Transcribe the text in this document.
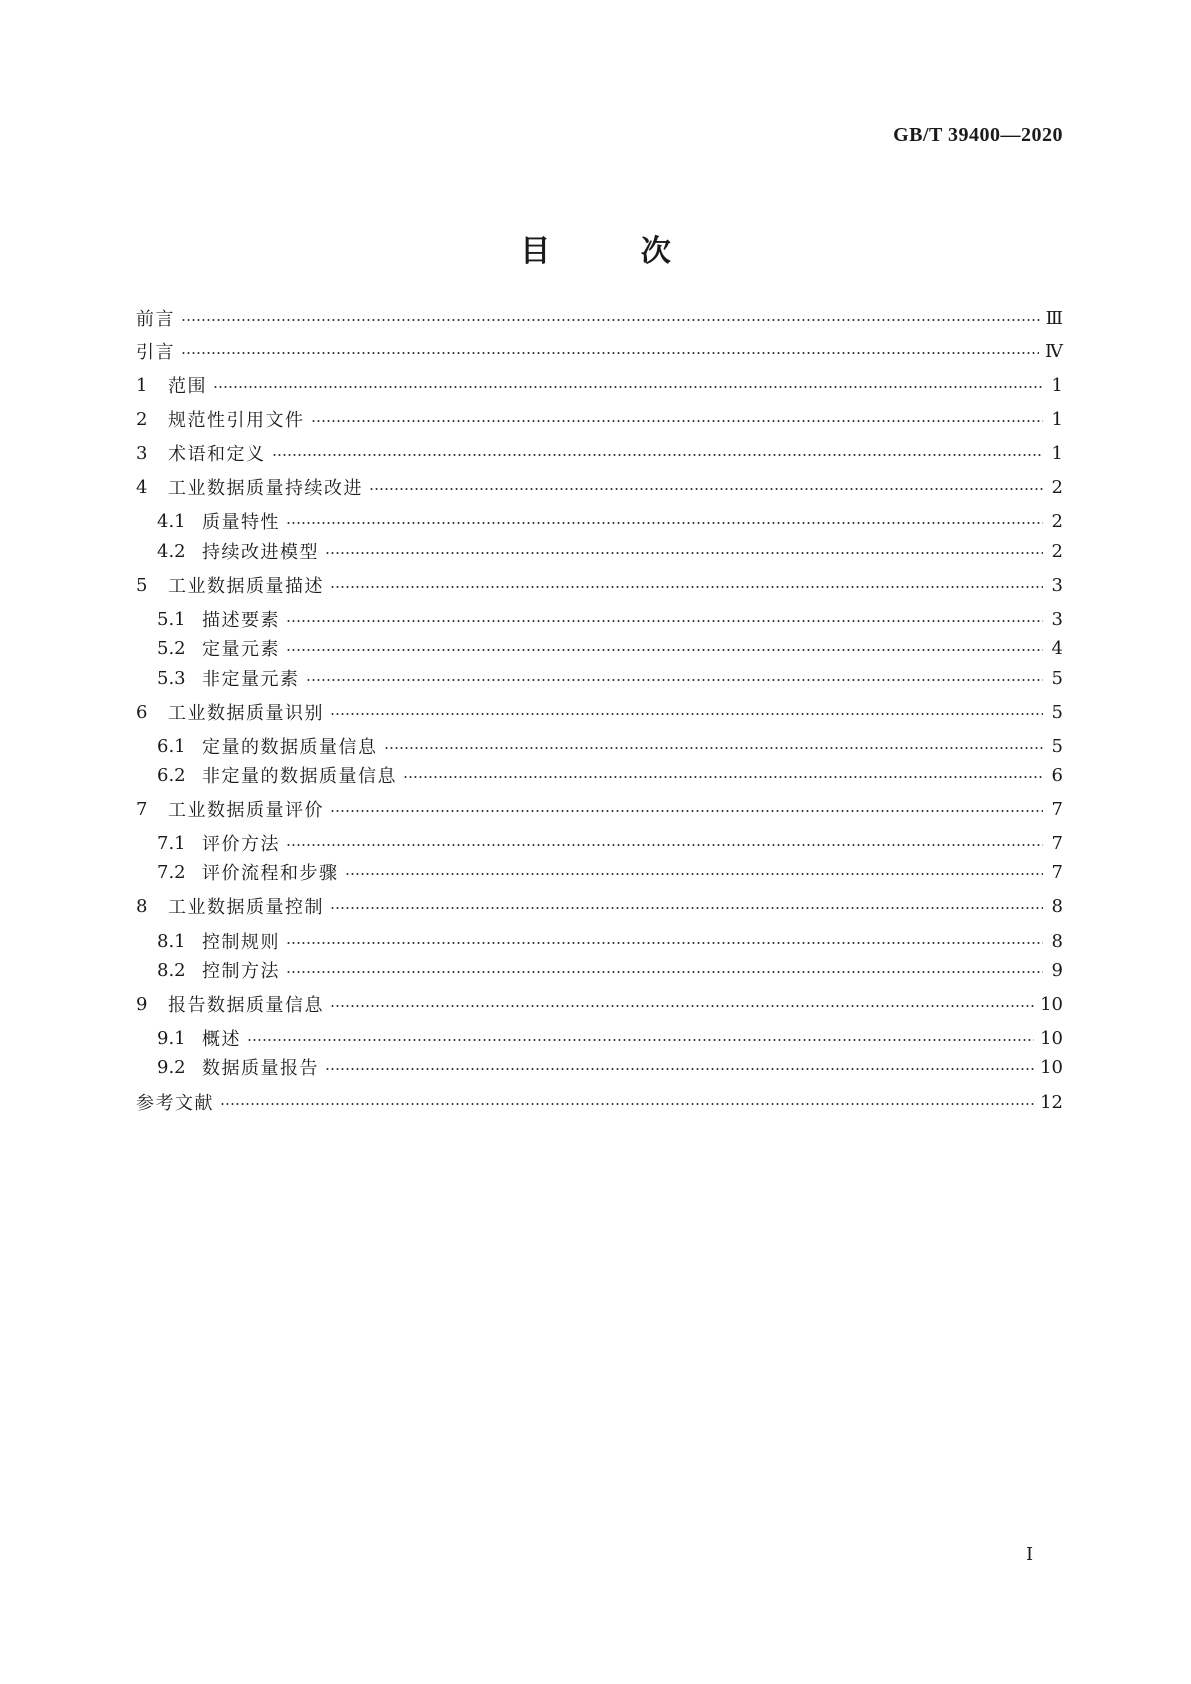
GB/T 39400—2020
目	次
前言	Ⅲ
引言	Ⅳ
1	范围	1
2	规范性引用文件	1
3	术语和定义	1
4	工业数据质量持续改进	2
4.1 质量特性	2
4.2 持续改进模型	2
5	工业数据质量描述	3
5.1 描述要素	3
5.2 定量元素	4
5.3 非定量元素	5
6	工业数据质量识别	5
6.1 定量的数据质量信息	5
6.2 非定量的数据质量信息	6
7	工业数据质量评价	7
7.1 评价方法	7
7.2 评价流程和步骤	7
8	工业数据质量控制	8
8.1 控制规则	8
8.2 控制方法	9
9	报告数据质量信息	10
9.1 概述	10
9.2 数据质量报告	10
参考文献	12
Ⅰ
